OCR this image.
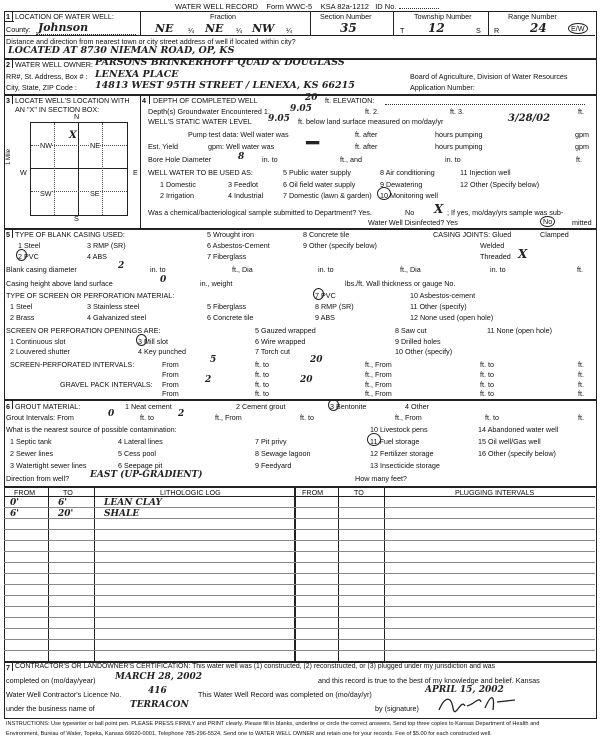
WATER WELL RECORD Form WWC-5 KSA 82a-1212 ID No.
1 LOCATION OF WATER WELL:	Fraction	Section Number	Township Number	Range Number
County: Johnson	NE ¼ NE ¼ NW ¼	35	T 12	S R	24	E/W
Distance and direction from nearest town or city street address of well if located within city?
LOCATED AT 8730 NIEMAN ROAD, OP, KS
2 WATER WELL OWNER: PARSONS BRINKERHOFF QUAD & DOUGLASS
RR#, St. Address, Box # : LENEXA PLACE
City, State, ZIP Code : 14813 WEST 95TH STREET / LENEXA, KS 66215
Board of Agriculture, Division of Water Resources
Application Number:
3 LOCATE WELL'S LOCATION WITH
AN "X" IN SECTION BOX:
N
S
W	E
1 Mile
NW	NE
SW	SE
X
4 DEPTH OF COMPLETED WELL	20 ft. ELEVATION:
Depth(s) Groundwater Encountered 1. 9.05	ft. 2.	ft. 3.	ft.
WELL'S STATIC WATER LEVEL 9.05 ft. below land surface measured on mo/day/yr	3/28/02
Pump test data: Well water was	ft. after	hours pumping	gpm
Est. Yield	gpm: Well water was	▬▬	ft. after	hours pumping	gpm
Bore Hole Diameter	8 in. to	ft., and	in. to	ft.
WELL WATER TO BE USED AS:	5 Public water supply	8 Air conditioning	11 Injection well
1 Domestic	3 Feedlot	6 Oil field water supply	9 Dewatering	12 Other (Specify below)
2 Irrigation	4 Industrial	7 Domestic (lawn & garden) 10 Monitoring well
Was a chemical/bacteriological sample submitted to Department? Yes.	No X ; If yes, mo/day/yrs sample was sub-
mitted
Water Well Disinfected? Yes	No
5 TYPE OF BLANK CASING USED:	5 Wrought iron	8 Concrete tile
1 Steel	3 RMP (SR)	6 Asbestos-Cement	9 Other (specify below)
2 PVC	4 ABS	7 Fiberglass
CASING JOINTS: Glued	Clamped
Welded
Threaded X
Blank casing diameter	2	in. to	ft., Dia	in. to	ft., Dia	in. to	ft.
Casing height above land surface	0	in., weight	lbs./ft. Wall thickness or gauge No.
TYPE OF SCREEN OR PERFORATION MATERIAL:	7 PVC	10 Asbestos-cement
1 Steel	3 Stainless steel	5 Fiberglass	8 RMP (SR)	11 Other (specify)
2 Brass	4 Galvanized steel	6 Concrete tile	9 ABS	12 None used (open hole)
SCREEN OR PERFORATION OPENINGS ARE:	5 Gauzed wrapped	8 Saw cut	11 None (open hole)
1 Continuous slot	3 Mill slot	6 Wire wrapped	9 Drilled holes
2 Louvered shutter	4 Key punched	7 Torch cut	10 Other (specify)
SCREEN-PERFORATED INTERVALS:	From	5	ft. to	20	ft., From	ft. to	ft.
From	ft. to	ft., From	ft. to	ft.
GRAVEL PACK INTERVALS: From	2	ft. to	20	ft., From	ft. to	ft.
From	ft. to	ft., From	ft. to	ft.
6 GROUT MATERIAL:	1 Neat cement	2 Cement grout	3 Bentonite	4 Other
Grout Intervals: From	0	ft. to	2	ft., From	ft. to	ft., From	ft. to	ft.
What is the nearest source of possible contamination:	10 Livestock pens	14 Abandoned water well
1 Septic tank	4 Lateral lines	7 Pit privy	11 Fuel storage	15 Oil well/Gas well
2 Sewer lines	5 Cess pool	8 Sewage lagoon	12 Fertilizer storage	16 Other (specify below)
3 Watertight sewer lines	6 Seepage pit	9 Feedyard	13 Insecticide storage
Direction from well? EAST (UP-GRADIENT)	How many feet?
FROM	TO	LITHOLOGIC LOG	FROM	TO	PLUGGING INTERVALS
0'	6'	LEAN CLAY
6'	20'	SHALE
7 CONTRACTOR'S OR LANDOWNER'S CERTIFICATION: This water well was (1) constructed, (2) reconstructed, or (3) plugged under my jurisdiction and was
completed on (mo/day/year) MARCH 28, 2002	and this record is true to the best of my knowledge and belief. Kansas
Water Well Contractor's Licence No.	416	This Water Well Record was completed on (mo/day/yr)	APRIL 15, 2002
under the business name of	TERRACON	by (signature)
INSTRUCTIONS: Use typewriter or ball point pen. PLEASE PRESS FIRMLY and PRINT clearly. Please fill in blanks, underline or circle the correct answers. Send top three copies to Kansas Department of Health and
Environment, Bureau of Water, Topeka, Kansas 66620-0001. Telephone 785-296-5524. Send one to WATER WELL OWNER and retain one for your records. Fee of $5.00 for each constructed well.
